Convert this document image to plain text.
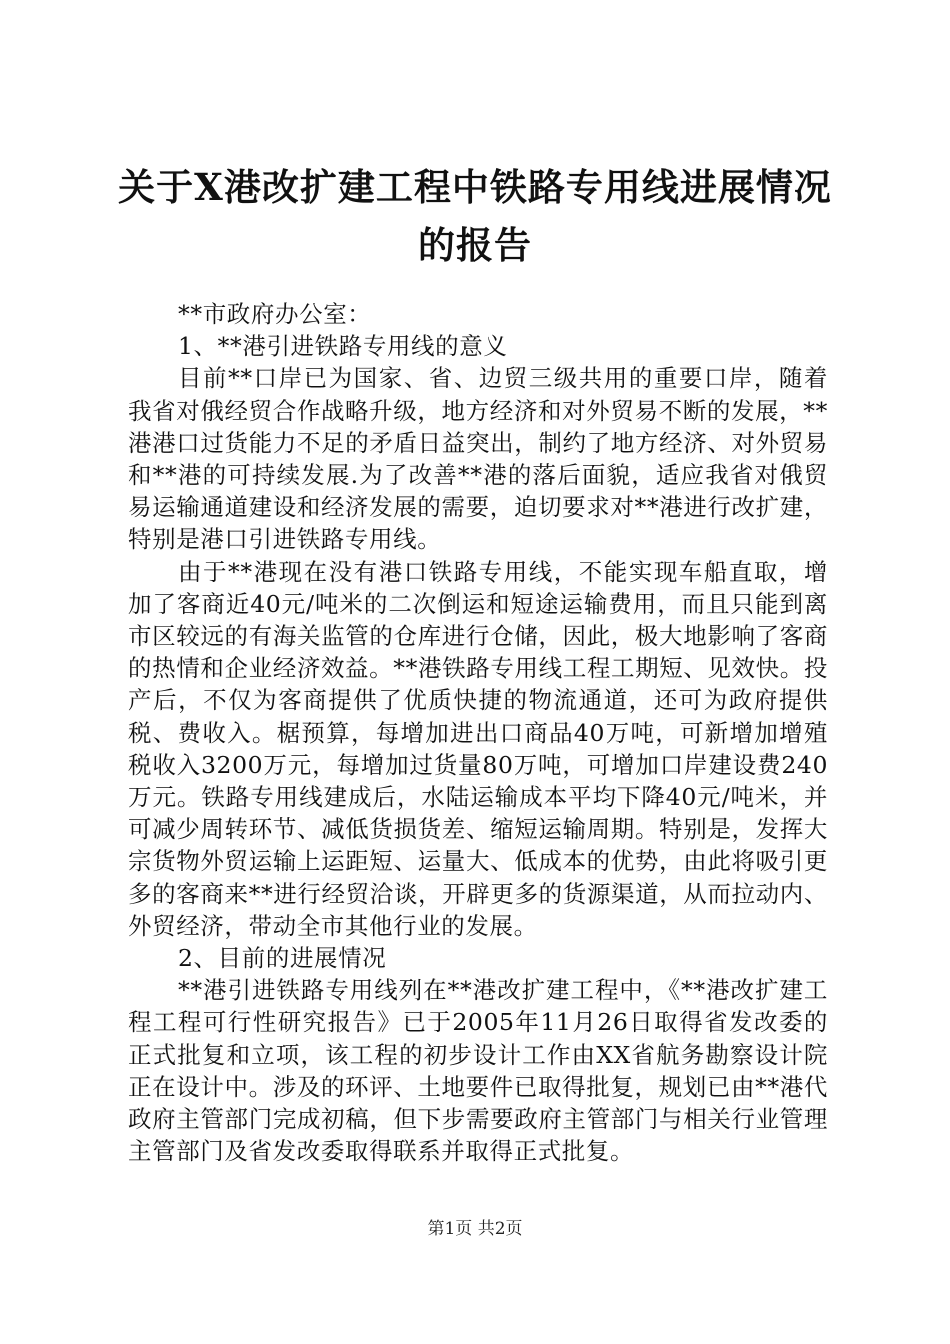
关于X港改扩建工程中铁路专用线进展情况的报告

**市政府办公室：

1、**港引进铁路专用线的意义

目前**口岸已为国家、省、边贸三级共用的重要口岸，随着我省对俄经贸合作战略升级，地方经济和对外贸易不断的发展，**港港口过货能力不足的矛盾日益突出，制约了地方经济、对外贸易和**港的可持续发展.为了改善**港的落后面貌，适应我省对俄贸易运输通道建设和经济发展的需要，迫切要求对**港进行改扩建，特别是港口引进铁路专用线。

由于**港现在没有港口铁路专用线，不能实现车船直取，增加了客商近40元/吨米的二次倒运和短途运输费用，而且只能到离市区较远的有海关监管的仓库进行仓储，因此，极大地影响了客商的热情和企业经济效益。**港铁路专用线工程工期短、见效快。投产后，不仅为客商提供了优质快捷的物流通道，还可为政府提供税、费收入。椐预算，每增加进出口商品40万吨，可新增加增殖税收入3200万元，每增加过货量80万吨，可增加口岸建设费240万元。铁路专用线建成后，水陆运输成本平均下降40元/吨米，并可减少周转环节、减低货损货差、缩短运输周期。特别是，发挥大宗货物外贸运输上运距短、运量大、低成本的优势，由此将吸引更多的客商来**进行经贸洽谈，开辟更多的货源渠道，从而拉动内、外贸经济，带动全市其他行业的发展。

2、目前的进展情况

**港引进铁路专用线列在**港改扩建工程中，《**港改扩建工程工程可行性研究报告》已于2005年11月26日取得省发改委的正式批复和立项，该工程的初步设计工作由XX省航务勘察设计院正在设计中。涉及的环评、土地要件已取得批复，规划已由**港代政府主管部门完成初稿，但下步需要政府主管部门与相关行业管理主管部门及省发改委取得联系并取得正式批复。

第1页 共2页
